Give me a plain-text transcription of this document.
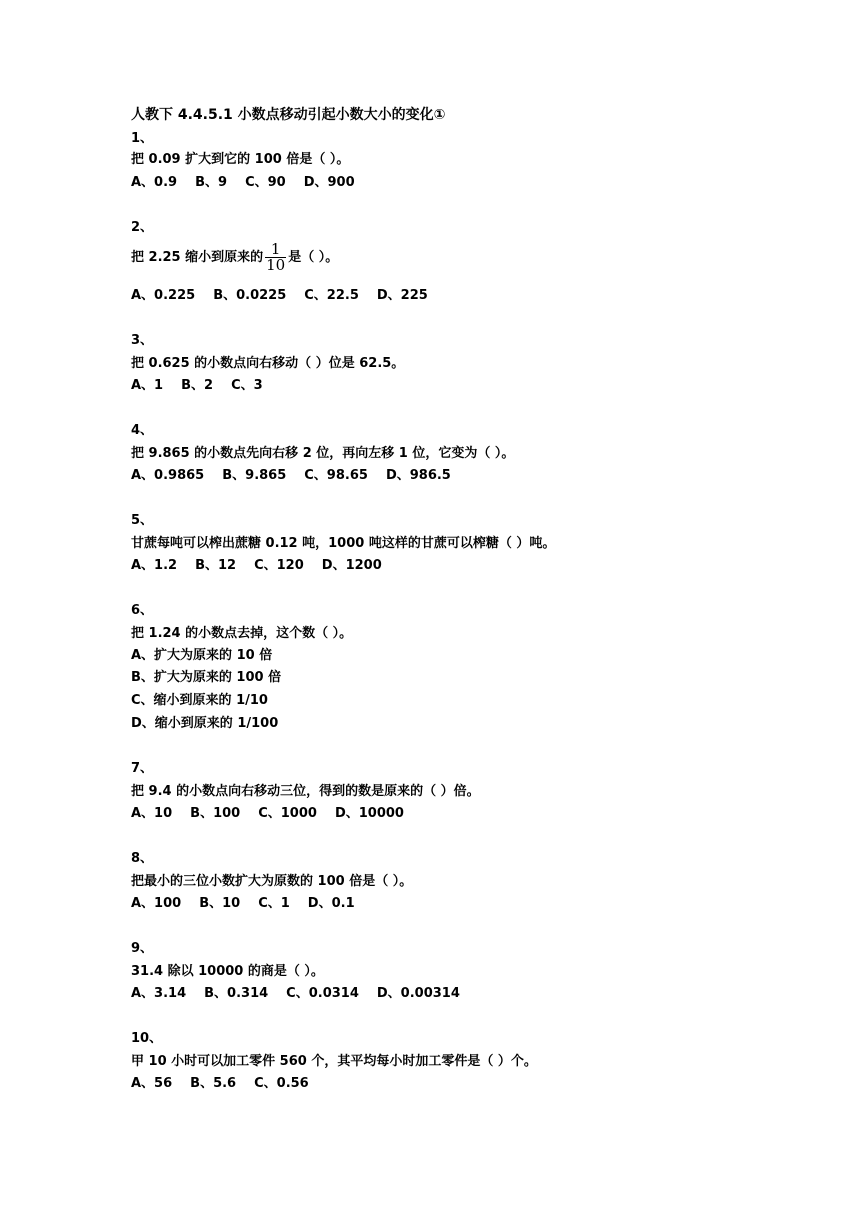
人教下 4.4.5.1 小数点移动引起小数大小的变化①
1、
把 0.09 扩大到它的 100 倍是（ ）。
A、0.9 B、9 C、90 D、900
2、
把 2.25 缩小到原来的 $\frac{1}{10}$ 是（ ）。
A、0.225 B、0.0225 C、22.5 D、225
3、
把 0.625 的小数点向右移动（ ）位是 62.5。
A、1 B、2 C、3
4、
把 9.865 的小数点先向右移 2 位，再向左移 1 位，它变为（ ）。
A、0.9865 B、9.865 C、98.65 D、986.5
5、
甘蔗每吨可以榨出蔗糖 0.12 吨，1000 吨这样的甘蔗可以榨糖（ ）吨。
A、1.2 B、12 C、120 D、1200
6、
把 1.24 的小数点去掉，这个数（ ）。
A、扩大为原来的 10 倍
B、扩大为原来的 100 倍
C、缩小到原来的 1/10
D、缩小到原来的 1/100
7、
把 9.4 的小数点向右移动三位，得到的数是原来的（ ）倍。
A、10 B、100 C、1000 D、10000
8、
把最小的三位小数扩大为原数的 100 倍是（ ）。
A、100 B、10 C、1 D、0.1
9、
31.4 除以 10000 的商是（ ）。
A、3.14 B、0.314 C、0.0314 D、0.00314
10、
甲 10 小时可以加工零件 560 个，其平均每小时加工零件是（ ）个。
A、56 B、5.6 C、0.56
